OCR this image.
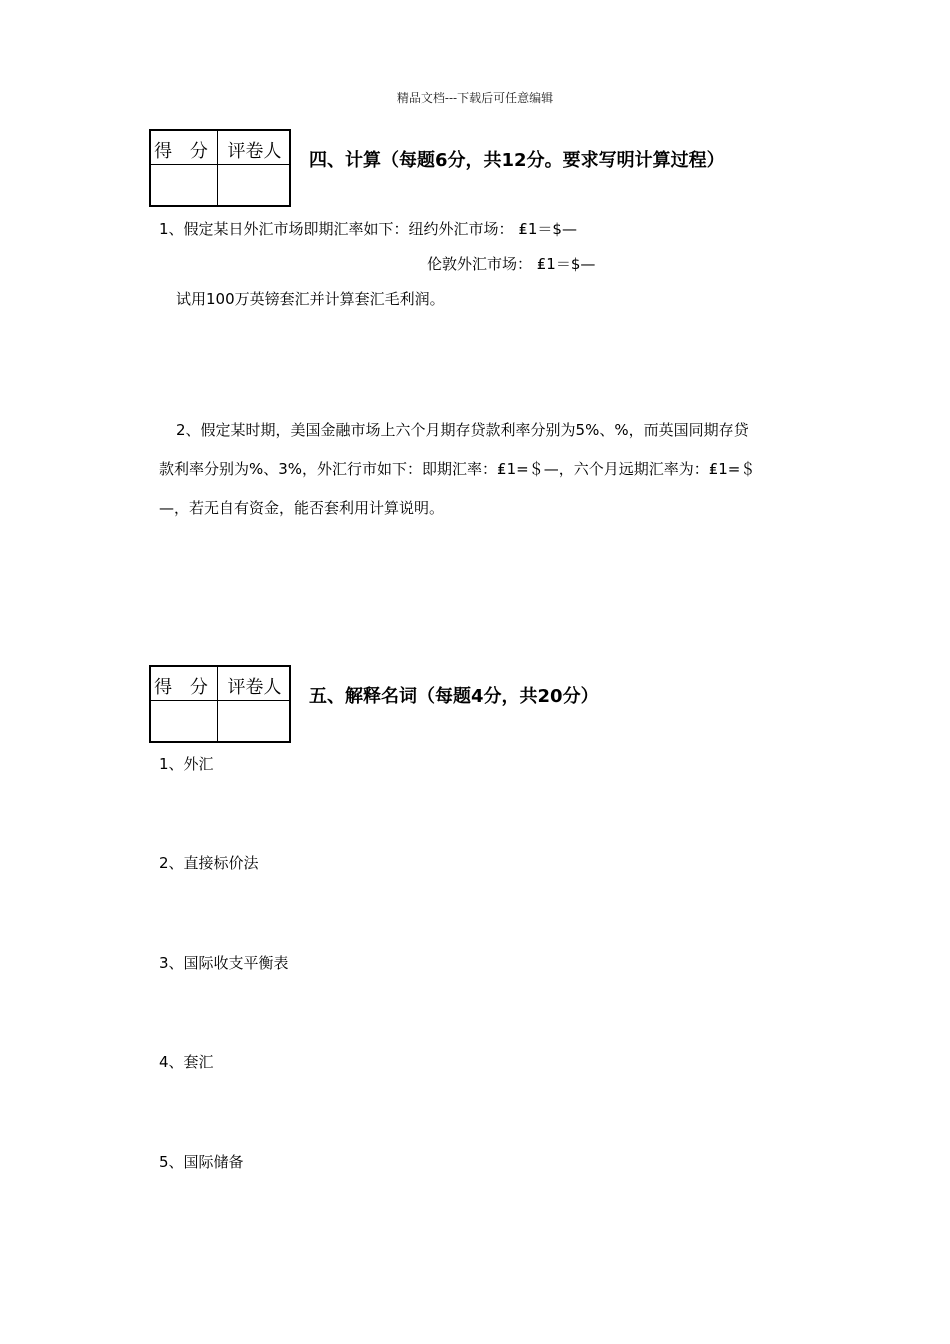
精品文档---下载后可任意编辑
得 分 评卷人	四、计算（每题6分，共12分。要求写明计算过程）
1、假定某日外汇市场即期汇率如下：纽约外汇市场： ₤1＝$—
伦敦外汇市场： ₤1＝$—
试用100万英镑套汇并计算套汇毛利润。
2、假定某时期，美国金融市场上六个月期存贷款利率分别为5%、%，而英国同期存贷
款利率分别为%、3%，外汇行市如下：即期汇率：₤1=＄—，六个月远期汇率为：₤1=＄
—，若无自有资金，能否套利用计算说明。
得 分 评卷人	五、解释名词（每题4分，共20分）
1、外汇
2、直接标价法
3、国际收支平衡表
4、套汇
5、国际储备
